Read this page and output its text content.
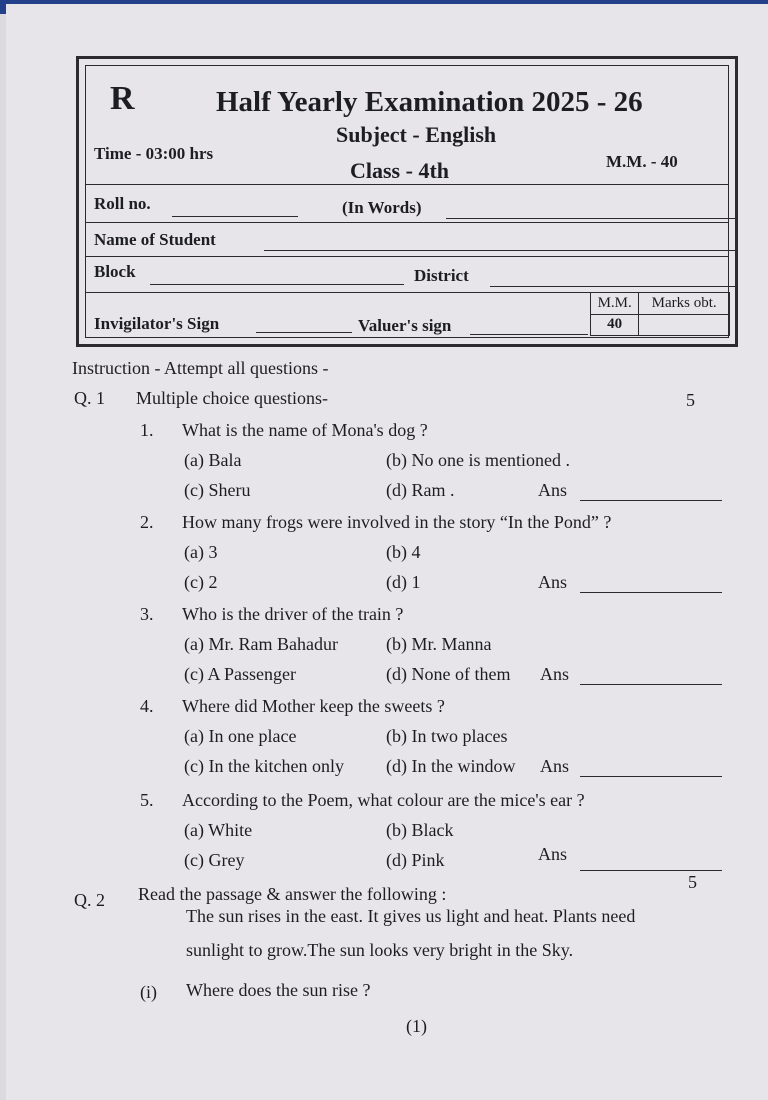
R	Half Yearly Examination 2025 - 26
Subject - English
Time - 03:00 hrs
Class - 4th	M.M. - 40
Roll no.	(In Words)
Name of Student
Block	District
Invigilator's Sign	Valuer's sign
M.M.	Marks obt.
40	
Instruction - Attempt all questions -
Q. 1 Multiple choice questions-	5
1. What is the name of Mona's dog ?
(a) Bala	(b) No one is mentioned .
(c) Sheru	(d) Ram .	Ans
2. How many frogs were involved in the story “In the Pond” ?
(a) 3	(b) 4
(c) 2	(d) 1	Ans
3. Who is the driver of the train ?
(a) Mr. Ram Bahadur	(b) Mr. Manna
(c) A Passenger	(d) None of them Ans
4. Where did Mother keep the sweets ?
(a) In one place	(b) In two places
(c) In the kitchen only (d) In the window Ans
5. According to the Poem, what colour are the mice's ear ?
(a) White	(b) Black
(c) Grey	(d) Pink	Ans
Q. 2 Read the passage & answer the following :
5
The sun rises in the east. It gives us light and heat. Plants need
sunlight to grow.The sun looks very bright in the Sky.
(i) Where does the sun rise ?
(1)
